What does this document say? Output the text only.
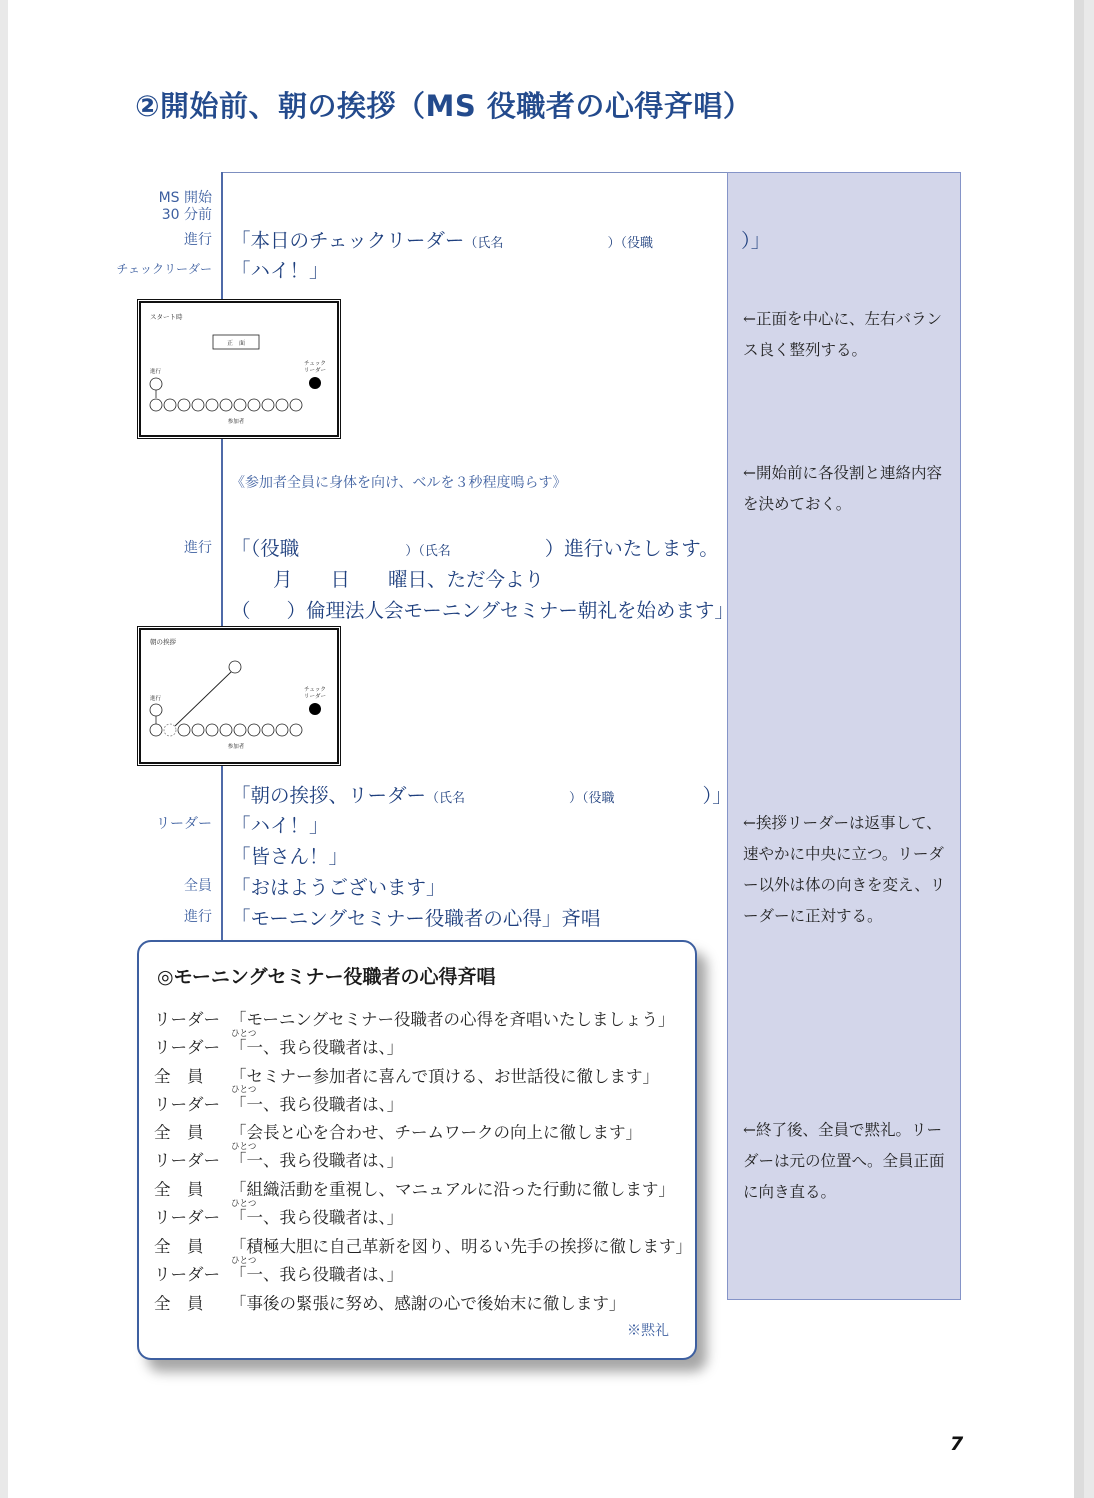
②開始前、朝の挨拶（MS 役職者の心得斉唱）
MS 開始
30 分前
進行 「本日のチェックリーダー（氏名	）（役職	）」
チェックリーダー 「ハイ！」
スタート時
正　面
進行
チェック
リーダー
参加者
←正面を中心に、左右バランス良く整列する。
←開始前に各役割と連絡内容を決めておく。
←挨拶リーダーは返事して、速やかに中央に立つ。リーダー以外は体の向きを変え、リーダーに正対する。
←終了後、全員で黙礼。リーダーは元の位置へ。全員正面に向き直る。
《参加者全員に身体を向け、ベルを３秒程度鳴らす》
進行 「（役職	）（氏名	）進行いたします。
月 日 曜日、ただ今より
（ ）倫理法人会モーニングセミナー朝礼を始めます」
朝の挨拶
進行
チェック
リーダー
参加者
「朝の挨拶、リーダー（氏名	）（役職	）」
リーダー 「ハイ！」
「皆さん！」
全員 「おはようございます」
進行 「モーニングセミナー役職者の心得」斉唱
◎モーニングセミナー役職者の心得斉唱
リーダー 「モーニングセミナー役職者の心得を斉唱いたしましょう」
ひとつ
リーダー 「一、我ら役職者は、」
全　員 「セミナー参加者に喜んで頂ける、お世話役に徹します」
ひとつ
リーダー 「一、我ら役職者は、」
全　員 「会長と心を合わせ、チームワークの向上に徹します」
ひとつ
リーダー 「一、我ら役職者は、」
全　員 「組織活動を重視し、マニュアルに沿った行動に徹します」
ひとつ
リーダー 「一、我ら役職者は、」
全　員 「積極大胆に自己革新を図り、明るい先手の挨拶に徹します」
ひとつ
リーダー 「一、我ら役職者は、」
全　員 「事後の緊張に努め、感謝の心で後始末に徹します」
※黙礼
7
